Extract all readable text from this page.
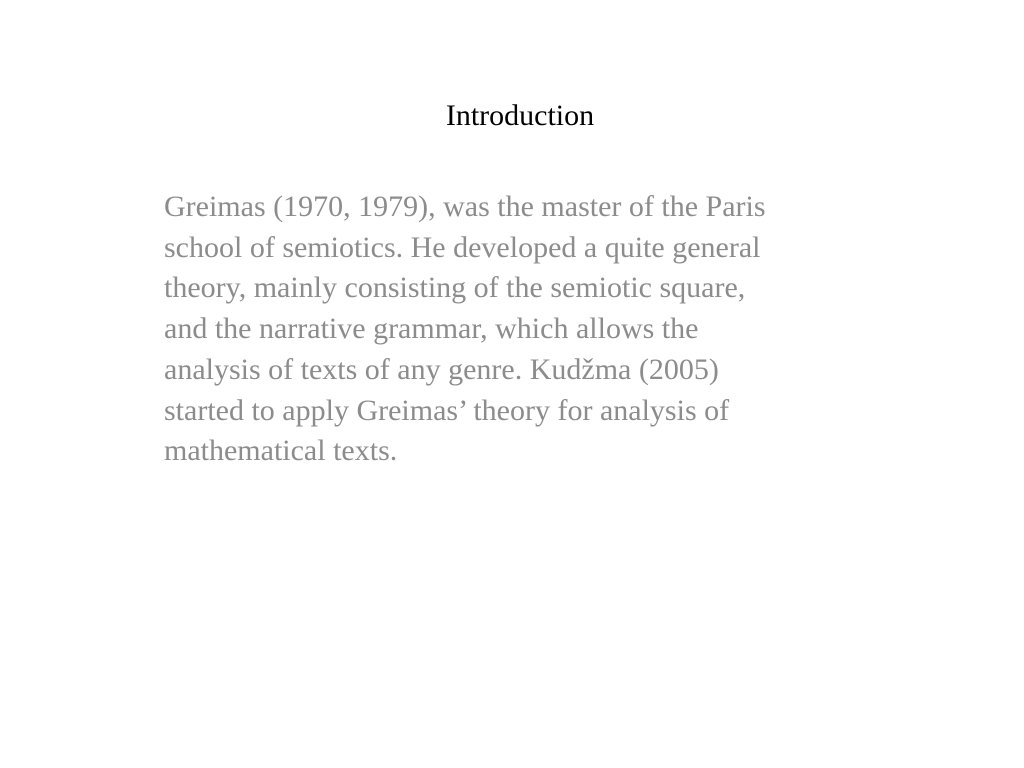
Introduction

Greimas (1970, 1979), was the master of the Paris
school of semiotics. He developed a quite general
theory, mainly consisting of the semiotic square,
and the narrative grammar, which allows the
analysis of texts of any genre. Kudžma (2005)
started to apply Greimas’ theory for analysis of
mathematical texts.
